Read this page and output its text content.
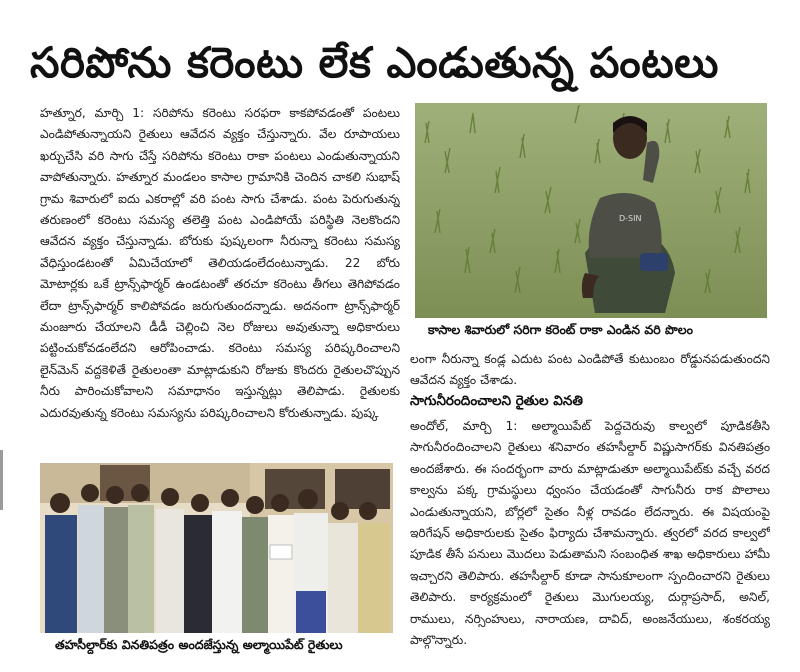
సరిపోను కరెంటు లేక ఎండుతున్న పంటలు
హత్నూర, మార్చి 1: సరిపోను కరెంటు సరఫరా కాకపోవడంతో పంటలు ఎండిపోతున్నాయని రైతులు ఆవేదన వ్యక్తం చేస్తున్నారు. వేల రూపాయలు ఖర్చుచేసి వరి సాగు చేస్తే సరిపోను కరెంటు రాకా పంటలు ఎండుతున్నాయని వాపోతున్నారు. హత్నూర మండలం కాసాల గ్రామానికి చెందిన చాకలి సుభాష్ గ్రామ శివారులో ఐదు ఎకరాల్లో వరి పంట సాగు చేశాడు. పంట పెరుగుతున్న తరుణంలో కరెంటు సమస్య తలెత్తి పంట ఎండిపోయే పరిస్థితి నెలకొందని ఆవేదన వ్యక్తం చేస్తున్నాడు. బోరుకు పుష్కలంగా నీరున్నా కరెంటు సమస్య వేధిస్తుండటంతో ఏమిచేయాలో తెలియడంలేదంటున్నాడు. 22 బోరు మోటార్లకు ఒకే ట్రాన్స్‌ఫార్మర్ ఉండటంతో తరచూ కరెంటు తీగలు తెగిపోవడం లేదా ట్రాన్స్‌ఫార్మర్ కాలిపోవడం జరుగుతుందన్నాడు. అదనంగా ట్రాన్స్‌ఫార్మర్ మంజూరు చేయాలని డీడీ చెల్లించి నెల రోజులు అవుతున్నా అధికారులు పట్టించుకోవడంలేదని ఆరోపించాడు. కరెంటు సమస్య పరిష్కరించాలని లైన్‌మెన్ వద్దకెళితే రైతులంతా మాట్లాడుకుని రోజుకు కొందరు రైతులచొప్పున నీరు పారించుకోవాలని సమాధానం ఇస్తున్నట్లు తెలిపాడు. రైతులకు ఎదురవుతున్న కరెంటు సమస్యను పరిష్కరించాలని కోరుతున్నాడు. పుష్క
D-SIN
కాసాల శివారులో సరిగా కరెంట్ రాకా ఎండిన వరి పొలం
లంగా నీరున్నా కండ్ల ఎదుట పంట ఎండిపోతే కుటుంబం రోడ్డునపడుతుందని ఆవేదన వ్యక్తం చేశాడు.
సాగునీరందించాలని రైతుల వినతి
అందోల్, మార్చి 1: అల్మాయిపేట్ పెద్దచెరువు కాల్వలో పూడికతీసి సాగునీరందించాలని రైతులు శనివారం తహసీల్దార్ విష్ణుసాగర్‌కు వినతిపత్రం అందజేశారు. ఈ సందర్భంగా వారు మాట్లాడుతూ అల్మాయిపేట్‌కు వచ్చే వరద కాల్వను పక్క గ్రామస్థులు ధ్వంసం చేయడంతో సాగునీరు రాక పొలాలు ఎండుతున్నాయని, బోర్లలో సైతం నీళ్ల రావడం లేదన్నారు. ఈ విషయంపై ఇరిగేషన్ అధికారులకు సైతం ఫిర్యాదు చేశామన్నారు. త్వరలో వరద కాల్వలో పూడిక తీసే పనులు మొదలు పెడుతామని సంబంధిత శాఖ అధికారులు హామీ ఇచ్చారని తెలిపారు. తహసీల్దార్ కూడా సానుకూలంగా స్పందించారని రైతులు తెలిపారు. కార్యక్రమంలో రైతులు మొగులయ్య, దుర్గాప్రసాద్, అనిల్, రాములు, నర్సింహులు, నారాయణ, దావిద్, అంజనేయులు, శంకరయ్య పాల్గొన్నారు.
తహసీల్దార్‌కు వినతిపత్రం అందజేస్తున్న అల్మాయిపేట్ రైతులు
